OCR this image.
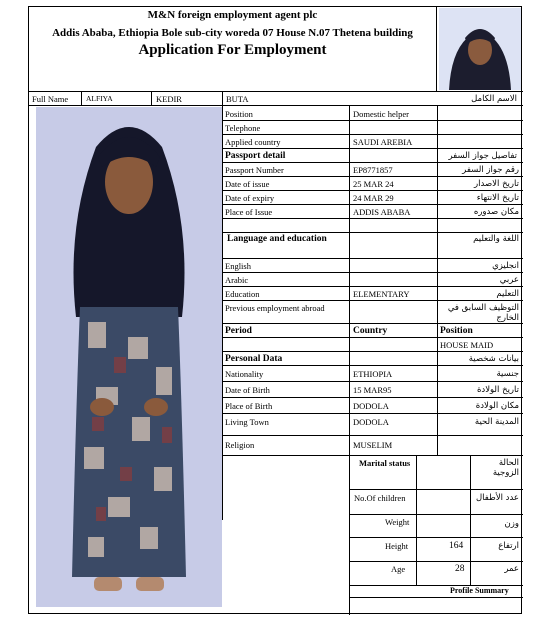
M&N foreign employment agent plc
Addis Ababa, Ethiopia Bole sub-city woreda 07 House N.07 Thetena building
Application For Employment
Full Name ALFIYA	KEDIR	BUTA	الاسم الكامل
Position	Domestic helper
Telephone
Applied country	SAUDI AREBIA
Passport detail	تفاصيل جواز السفر
Passport Number	EP8771857	رقم جواز السفر
Date of issue	25 MAR 24	تاريخ الاصدار
Date of expiry	24 MAR 29	تاريخ الانتهاء
Place of Issue	ADDIS ABABA	مكان صدوره
Language and education	اللغة والتعليم
English	انجليزي
Arabic	عربي
Education	ELEMENTARY	التعليم
Previous employment abroad	التوظيف السابق في الخارج
Period	Country	Position
HOUSE MAID
Personal Data	بيانات شخصية
Nationality	ETHIOPIA	جنسية
Date of Birth	15 MAR95	تاريخ الولادة
Place of Birth	DODOLA	مكان الولادة
Living Town	DODOLA	المدينة الحية
Religion	MUSELIM
Marital status	الحالة الزوجية
No.Of children	عدد الأطفال
Weight	وزن
Height	164	ارتفاع
Age	28	عمر
Profile Summary
